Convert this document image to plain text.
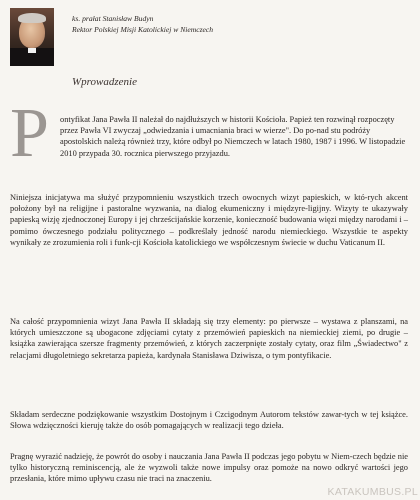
ks. prałat Stanisław Budyn
Rektor Polskiej Misji Katolickiej w Niemczech
Wprowadzenie
P ontyfikat Jana Pawła II należał do najdłuższych w historii Kościoła. Papież ten rozwinął rozpoczęty przez Pawła VI zwyczaj „odwiedzania i umacniania braci w wierze". Do po-nad stu podróży apostolskich należą również trzy, które odbył po Niemczech w latach 1980, 1987 i 1996. W listopadzie 2010 przypada 30. rocznica pierwszego przyjazdu.

Niniejsza inicjatywa ma służyć przypomnieniu wszystkich trzech owocnych wizyt papieskich, w któ-rych akcent położony był na religijne i pastoralne wyzwania, na dialog ekumeniczny i międzyre-ligijny. Wizyty te ukazywały papieską wizję zjednoczonej Europy i jej chrześcijańskie korzenie, konieczność budowania więzi między narodami i – pomimo ówczesnego podziału politycznego – podkreślały jedność narodu niemieckiego. Wszystkie te aspekty wynikały ze zrozumienia roli i funk-cji Kościoła katolickiego we współczesnym świecie w duchu Vaticanum II.

Na całość przypomnienia wizyt Jana Pawła II składają się trzy elementy: po pierwsze – wystawa z planszami, na których umieszczone są ubogacone zdjęciami cytaty z przemówień papieskich na niemieckiej ziemi, po drugie – książka zawierająca szersze fragmenty przemówień, z których zaczerpnięte zostały cytaty, oraz film „Świadectwo" z relacjami długoletniego sekretarza papieża, kardynała Stanisława Dziwisza, o tym pontyfikacie.

Składam serdeczne podziękowanie wszystkim Dostojnym i Czcigodnym Autorom tekstów zawar-tych w tej książce. Słowa wdzięczności kieruję także do osób pomagających w realizacji tego dzieła.

Pragnę wyrazić nadzieję, że powrót do osoby i nauczania Jana Pawła II podczas jego pobytu w Niem-czech będzie nie tylko historyczną reminiscencją, ale że wyzwoli także nowe impulsy oraz pomoże na nowo odkryć wartości jego przesłania, które mimo upływu czasu nie traci na znaczeniu.

KATAKUMBUS.PL
